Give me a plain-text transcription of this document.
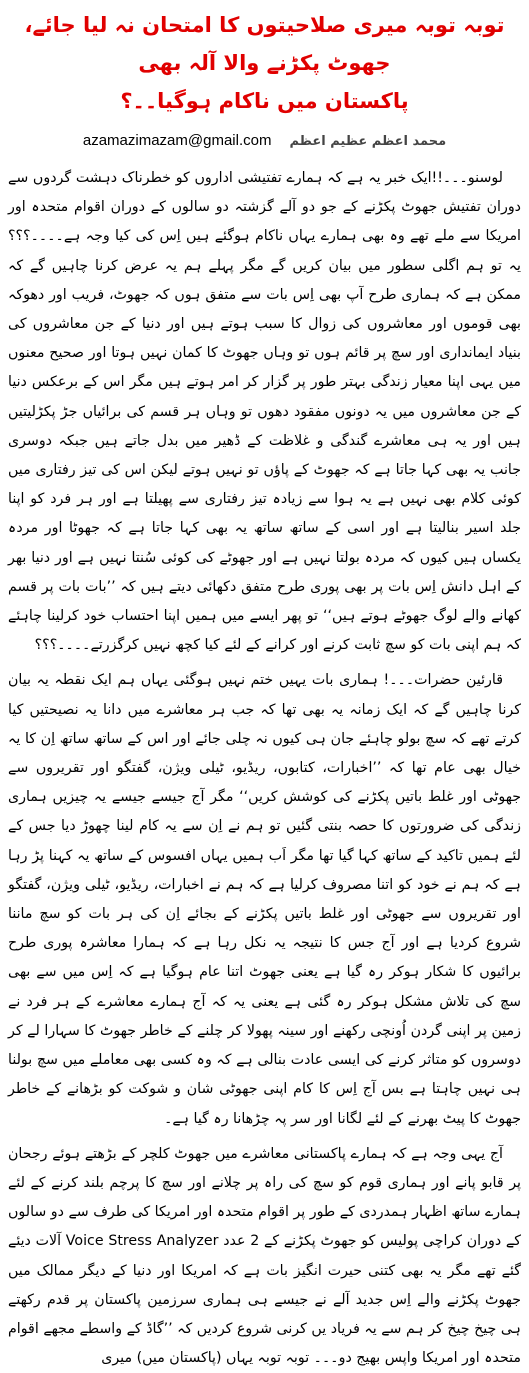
توبہ توبہ میری صلاحیتوں کا امتحان نہ لیا جائے، جھوٹ پکڑنے والا آلہ بھی
پاکستان میں ناکام ہوگیا۔۔؟
azamazimazam@gmail.com محمد اعظم عظیم اعظم

لوسنو۔۔۔!!ایک خبر یہ ہے کہ ہمارے تفتیشی اداروں کو خطرناک دہشت گردوں سے دوران تفتیش جھوٹ پکڑنے کے جو دو آلے گزشتہ دو سالوں کے دوران اقوام متحدہ اور امریکا سے ملے تھے وہ بھی ہمارے یہاں ناکام ہوگئے ہیں اِس کی کیا وجہ ہے۔۔۔۔؟؟؟ یہ تو ہم اگلی سطور میں بیان کریں گے مگر پہلے ہم یہ عرض کرنا چاہیں گے کہ ممکن ہے کہ ہماری طرح آپ بھی اِس بات سے متفق ہوں کہ جھوٹ، فریب اور دھوکہ بھی قوموں اور معاشروں کی زوال کا سبب ہوتے ہیں اور دنیا کے جن معاشروں کی بنیاد ایمانداری اور سچ پر قائم ہوں تو وہاں جھوٹ کا کمان نہیں ہوتا اور صحیح معنوں میں یہی اپنا معیار زندگی بہتر طور پر گزار کر امر ہوتے ہیں مگر اس کے برعکس دنیا کے جن معاشروں میں یہ دونوں مفقود دھوں تو وہاں ہر قسم کی برائیاں جڑ پکڑلیتیں ہیں اور یہ ہی معاشرے گندگی و غلاظت کے ڈھیر میں بدل جاتے ہیں جبکہ دوسری جانب یہ بھی کہا جاتا ہے کہ جھوٹ کے پاؤں تو نہیں ہوتے لیکن اس کی تیز رفتاری میں کوئی کلام بھی نہیں ہے یہ ہوا سے زیادہ تیز رفتاری سے پھیلتا ہے اور ہر فرد کو اپنا جلد اسیر بنالیتا ہے اور اسی کے ساتھ ساتھ یہ بھی کہا جاتا ہے کہ جھوٹا اور مردہ یکساں ہیں کیوں کہ مردہ بولتا نہیں ہے اور جھوٹے کی کوئی سُنتا نہیں ہے اور دنیا بھر کے اہل دانش اِس بات پر بھی پوری طرح متفق دکھائی دیتے ہیں کہ ’’بات بات پر قسم کھانے والے لوگ جھوٹے ہوتے ہیں‘‘ تو پھر ایسے میں ہمیں اپنا احتساب خود کرلینا چاہئے کہ ہم اپنی بات کو سچ ثابت کرنے اور کرانے کے لئے کیا کچھ نہیں کرگزرتے۔۔۔۔؟؟؟

قارئین حضرات۔۔۔! ہماری بات یہیں ختم نہیں ہوگئی یہاں ہم ایک نقطہ یہ بیان کرنا چاہیں گے کہ ایک زمانہ یہ بھی تھا کہ جب ہر معاشرے میں دانا یہ نصیحتیں کیا کرتے تھے کہ سچ بولو چاہئے جان ہی کیوں نہ چلی جائے اور اس کے ساتھ ساتھ اِن کا یہ خیال بھی عام تھا کہ ’’اخبارات، کتابوں، ریڈیو، ٹیلی ویژن، گفتگو اور تقریروں سے جھوٹی اور غلط باتیں پکڑنے کی کوشش کریں‘‘ مگر آج جیسے جیسے یہ چیزیں ہماری زندگی کی ضرورتوں کا حصہ بنتی گئیں تو ہم نے اِن سے یہ کام لینا چھوڑ دیا جس کے لئے ہمیں تاکید کے ساتھ کہا گیا تھا مگر اَب ہمیں یہاں افسوس کے ساتھ یہ کہنا پڑ رہا ہے کہ ہم نے خود کو اتنا مصروف کرلیا ہے کہ ہم نے اخبارات، ریڈیو، ٹیلی ویژن، گفتگو اور تقریروں سے جھوٹی اور غلط باتیں پکڑنے کے بجائے اِن کی ہر بات کو سچ ماننا شروع کردیا ہے اور آج جس کا نتیجہ یہ نکل رہا ہے کہ ہمارا معاشرہ پوری طرح برائیوں کا شکار ہوکر رہ گیا ہے یعنی جھوٹ اتنا عام ہوگیا ہے کہ اِس میں سے بھی سچ کی تلاش مشکل ہوکر رہ گئی ہے یعنی یہ کہ آج ہمارے معاشرے کے ہر فرد نے زمین پر اپنی گردن اُونچی رکھنے اور سینہ پھولا کر چلنے کے خاطر جھوٹ کا سہارا لے کر دوسروں کو متاثر کرنے کی ایسی عادت بنالی ہے کہ وہ کسی بھی معاملے میں سچ بولنا ہی نہیں چاہتا ہے بس آج اِس کا کام اپنی جھوٹی شان و شوکت کو بڑھانے کے خاطر جھوٹ کا پیٹ بھرنے کے لئے لگانا اور سر پہ چڑھانا رہ گیا ہے۔

آج یہی وجہ ہے کہ ہمارے پاکستانی معاشرے میں جھوٹ کلچر کے بڑھتے ہوئے رجحان پر قابو پانے اور ہماری قوم کو سچ کی راہ پر چلانے اور سچ کا پرچم بلند کرنے کے لئے ہمارے ساتھ اظہار ہمدردی کے طور پر اقوام متحدہ اور امریکا کی طرف سے دو سالوں کے دوران کراچی پولیس کو جھوٹ پکڑنے کے 2 عدد Voice Stress Analyzer آلات دیئے گئے تھے مگر یہ بھی کتنی حیرت انگیز بات ہے کہ امریکا اور دنیا کے دیگر ممالک میں جھوٹ پکڑنے والے اِس جدید آلے نے جیسے ہی ہماری سرزمین پاکستان پر قدم رکھتے ہی چیخ چیخ کر ہم سے یہ فریاد یں کرنی شروع کردیں کہ ’’گاڈ کے واسطے مجھے اقوام متحدہ اور امریکا واپس بھیج دو۔۔۔ توبہ توبہ یہاں (پاکستان میں) میری
